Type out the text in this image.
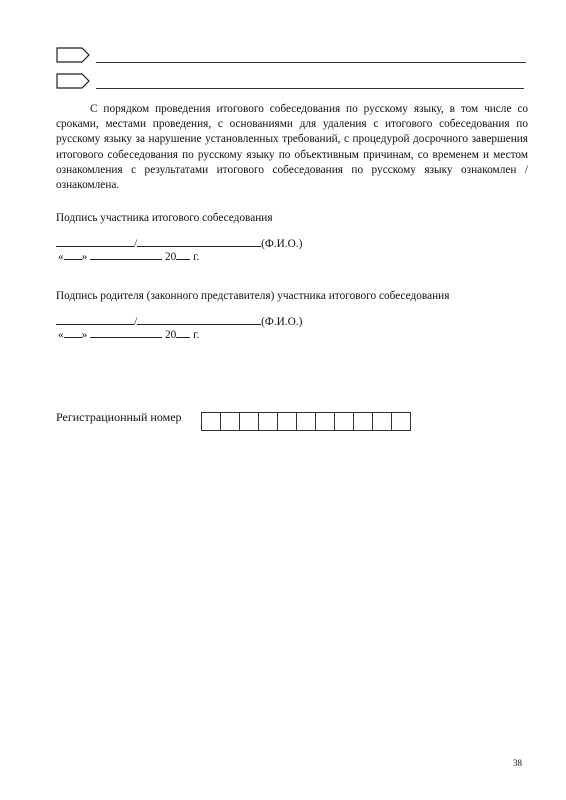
С порядком проведения итогового собеседования по русскому языку, в том числе со сроками, местами проведения, с основаниями для удаления с итогового собеседования по русскому языку за нарушение установленных требований, с процедурой досрочного завершения итогового собеседования по русскому языку по объективным причинам, со временем и местом ознакомления с результатами итогового собеседования по русскому языку ознакомлен /ознакомлена.

Подпись участника итогового собеседования
/	(Ф.И.О.)
« »	20 г.
Подпись родителя (законного представителя) участника итогового собеседования
/	(Ф.И.О.)
« »	20 г.
Регистрационный номер
38
